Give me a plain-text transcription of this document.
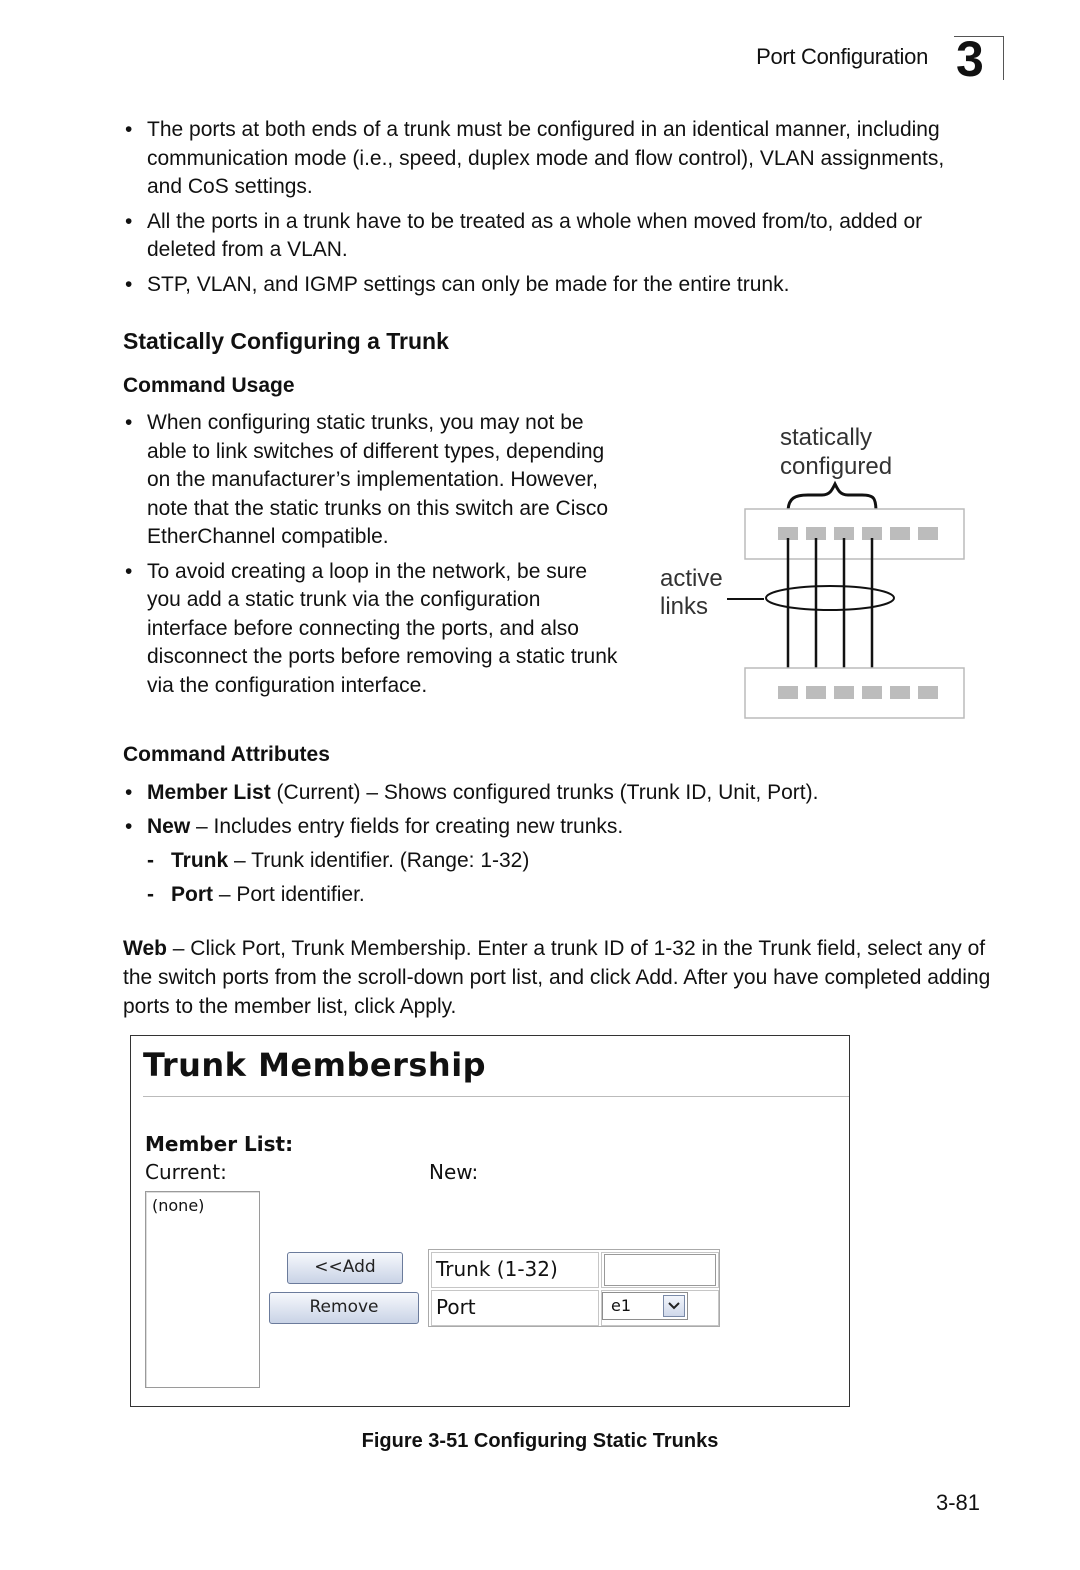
Port Configuration 3
• The ports at both ends of a trunk must be configured in an identical manner, including communication mode (i.e., speed, duplex mode and flow control), VLAN assignments, and CoS settings.
• All the ports in a trunk have to be treated as a whole when moved from/to, added or deleted from a VLAN.
• STP, VLAN, and IGMP settings can only be made for the entire trunk.
Statically Configuring a Trunk
Command Usage
• When configuring static trunks, you may not be able to link switches of different types, depending on the manufacturer’s implementation. However, note that the static trunks on this switch are Cisco EtherChannel compatible.
• To avoid creating a loop in the network, be sure you add a static trunk via the configuration interface before connecting the ports, and also disconnect the ports before removing a static trunk via the configuration interface.
statically
configured
active
links
Command Attributes
• Member List (Current) – Shows configured trunks (Trunk ID, Unit, Port).
• New – Includes entry fields for creating new trunks.
- Trunk – Trunk identifier. (Range: 1-32)
- Port – Port identifier.
Web – Click Port, Trunk Membership. Enter a trunk ID of 1-32 in the Trunk field, select any of the switch ports from the scroll-down port list, and click Add. After you have completed adding ports to the member list, click Apply.
Trunk Membership
Member List:
Current:	New:
(none)
<<Add
Remove
Trunk (1-32)
Port	e1
Figure 3-51 Configuring Static Trunks
3-81
